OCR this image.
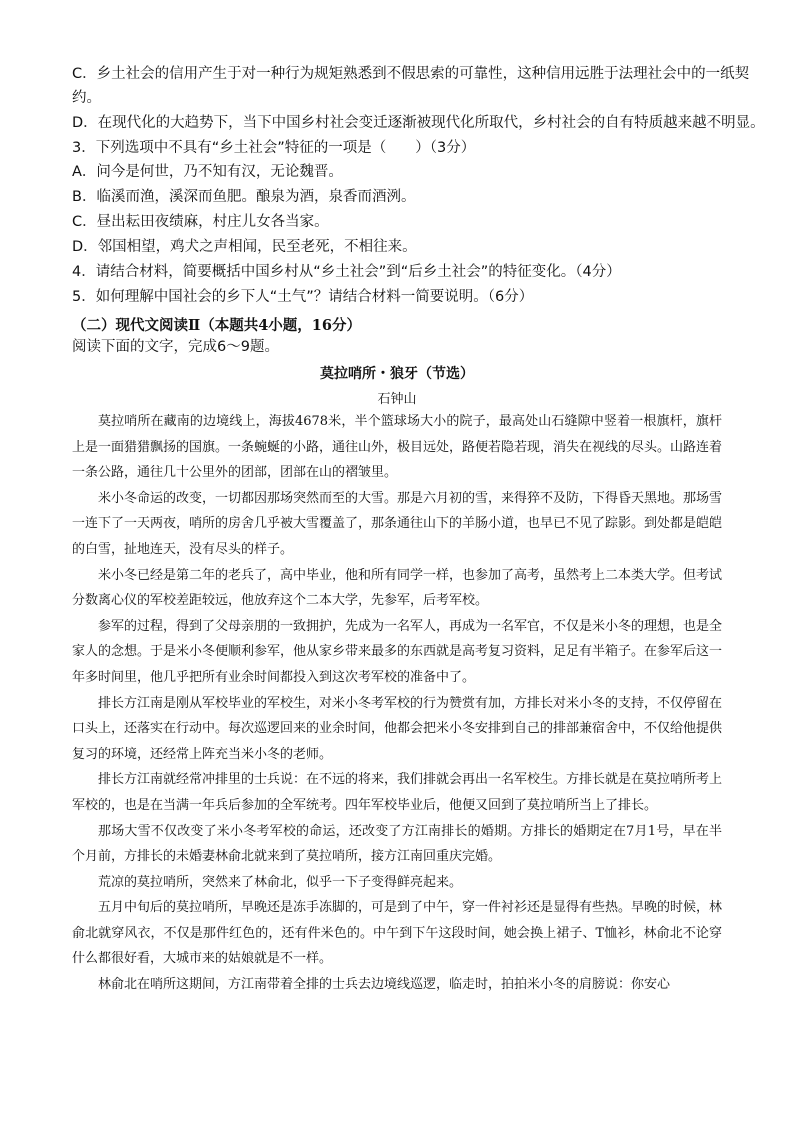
C．乡土社会的信用产生于对一种行为规矩熟悉到不假思索的可靠性，这种信用远胜于法理社会中的一纸契
约。
D．在现代化的大趋势下，当下中国乡村社会变迁逐渐被现代化所取代，乡村社会的自有特质越来越不明显。
3．下列选项中不具有“乡土社会”特征的一项是（　　）（3分）
A．问今是何世，乃不知有汉，无论魏晋。
B．临溪而渔，溪深而鱼肥。酿泉为酒，泉香而酒洌。
C．昼出耘田夜绩麻，村庄儿女各当家。
D．邻国相望，鸡犬之声相闻，民至老死，不相往来。
4．请结合材料，简要概括中国乡村从“乡土社会”到“后乡土社会”的特征变化。（4分）
5．如何理解中国社会的乡下人“土气”？请结合材料一简要说明。（6分）
（二）现代文阅读Ⅱ（本题共4小题，16分）
阅读下面的文字，完成6～9题。
莫拉哨所・狼牙（节选）
石钟山

莫拉哨所在藏南的边境线上，海拔4678米，半个篮球场大小的院子，最高处山石缝隙中竖着一根旗杆，旗杆上是一面猎猎飘扬的国旗。一条蜿蜒的小路，通往山外，极目远处，路便若隐若现，消失在视线的尽头。山路连着一条公路，通往几十公里外的团部，团部在山的褶皱里。

米小冬命运的改变，一切都因那场突然而至的大雪。那是六月初的雪，来得猝不及防，下得昏天黑地。那场雪一连下了一天两夜，哨所的房舍几乎被大雪覆盖了，那条通往山下的羊肠小道，也早已不见了踪影。到处都是皑皑的白雪，扯地连天，没有尽头的样子。

米小冬已经是第二年的老兵了，高中毕业，他和所有同学一样，也参加了高考，虽然考上二本类大学。但考试分数离心仪的军校差距较远，他放弃这个二本大学，先参军，后考军校。

参军的过程，得到了父母亲朋的一致拥护，先成为一名军人，再成为一名军官，不仅是米小冬的理想，也是全家人的念想。于是米小冬便顺利参军，他从家乡带来最多的东西就是高考复习资料，足足有半箱子。在参军后这一年多时间里，他几乎把所有业余时间都投入到这次考军校的准备中了。

排长方江南是刚从军校毕业的军校生，对米小冬考军校的行为赞赏有加，方排长对米小冬的支持，不仅停留在口头上，还落实在行动中。每次巡逻回来的业余时间，他都会把米小冬安排到自己的排部兼宿舍中，不仅给他提供复习的环境，还经常上阵充当米小冬的老师。

排长方江南就经常冲排里的士兵说：在不远的将来，我们排就会再出一名军校生。方排长就是在莫拉哨所考上军校的，也是在当满一年兵后参加的全军统考。四年军校毕业后，他便又回到了莫拉哨所当上了排长。

那场大雪不仅改变了米小冬考军校的命运，还改变了方江南排长的婚期。方排长的婚期定在7月1号，早在半个月前，方排长的未婚妻林俞北就来到了莫拉哨所，接方江南回重庆完婚。

荒凉的莫拉哨所，突然来了林俞北，似乎一下子变得鲜亮起来。

五月中旬后的莫拉哨所，早晚还是冻手冻脚的，可是到了中午，穿一件衬衫还是显得有些热。早晚的时候，林俞北就穿风衣，不仅是那件红色的，还有件米色的。中午到下午这段时间，她会换上裙子、T恤衫，林俞北不论穿什么都很好看，大城市来的姑娘就是不一样。

林俞北在哨所这期间，方江南带着全排的士兵去边境线巡逻，临走时，拍拍米小冬的肩膀说：你安心
